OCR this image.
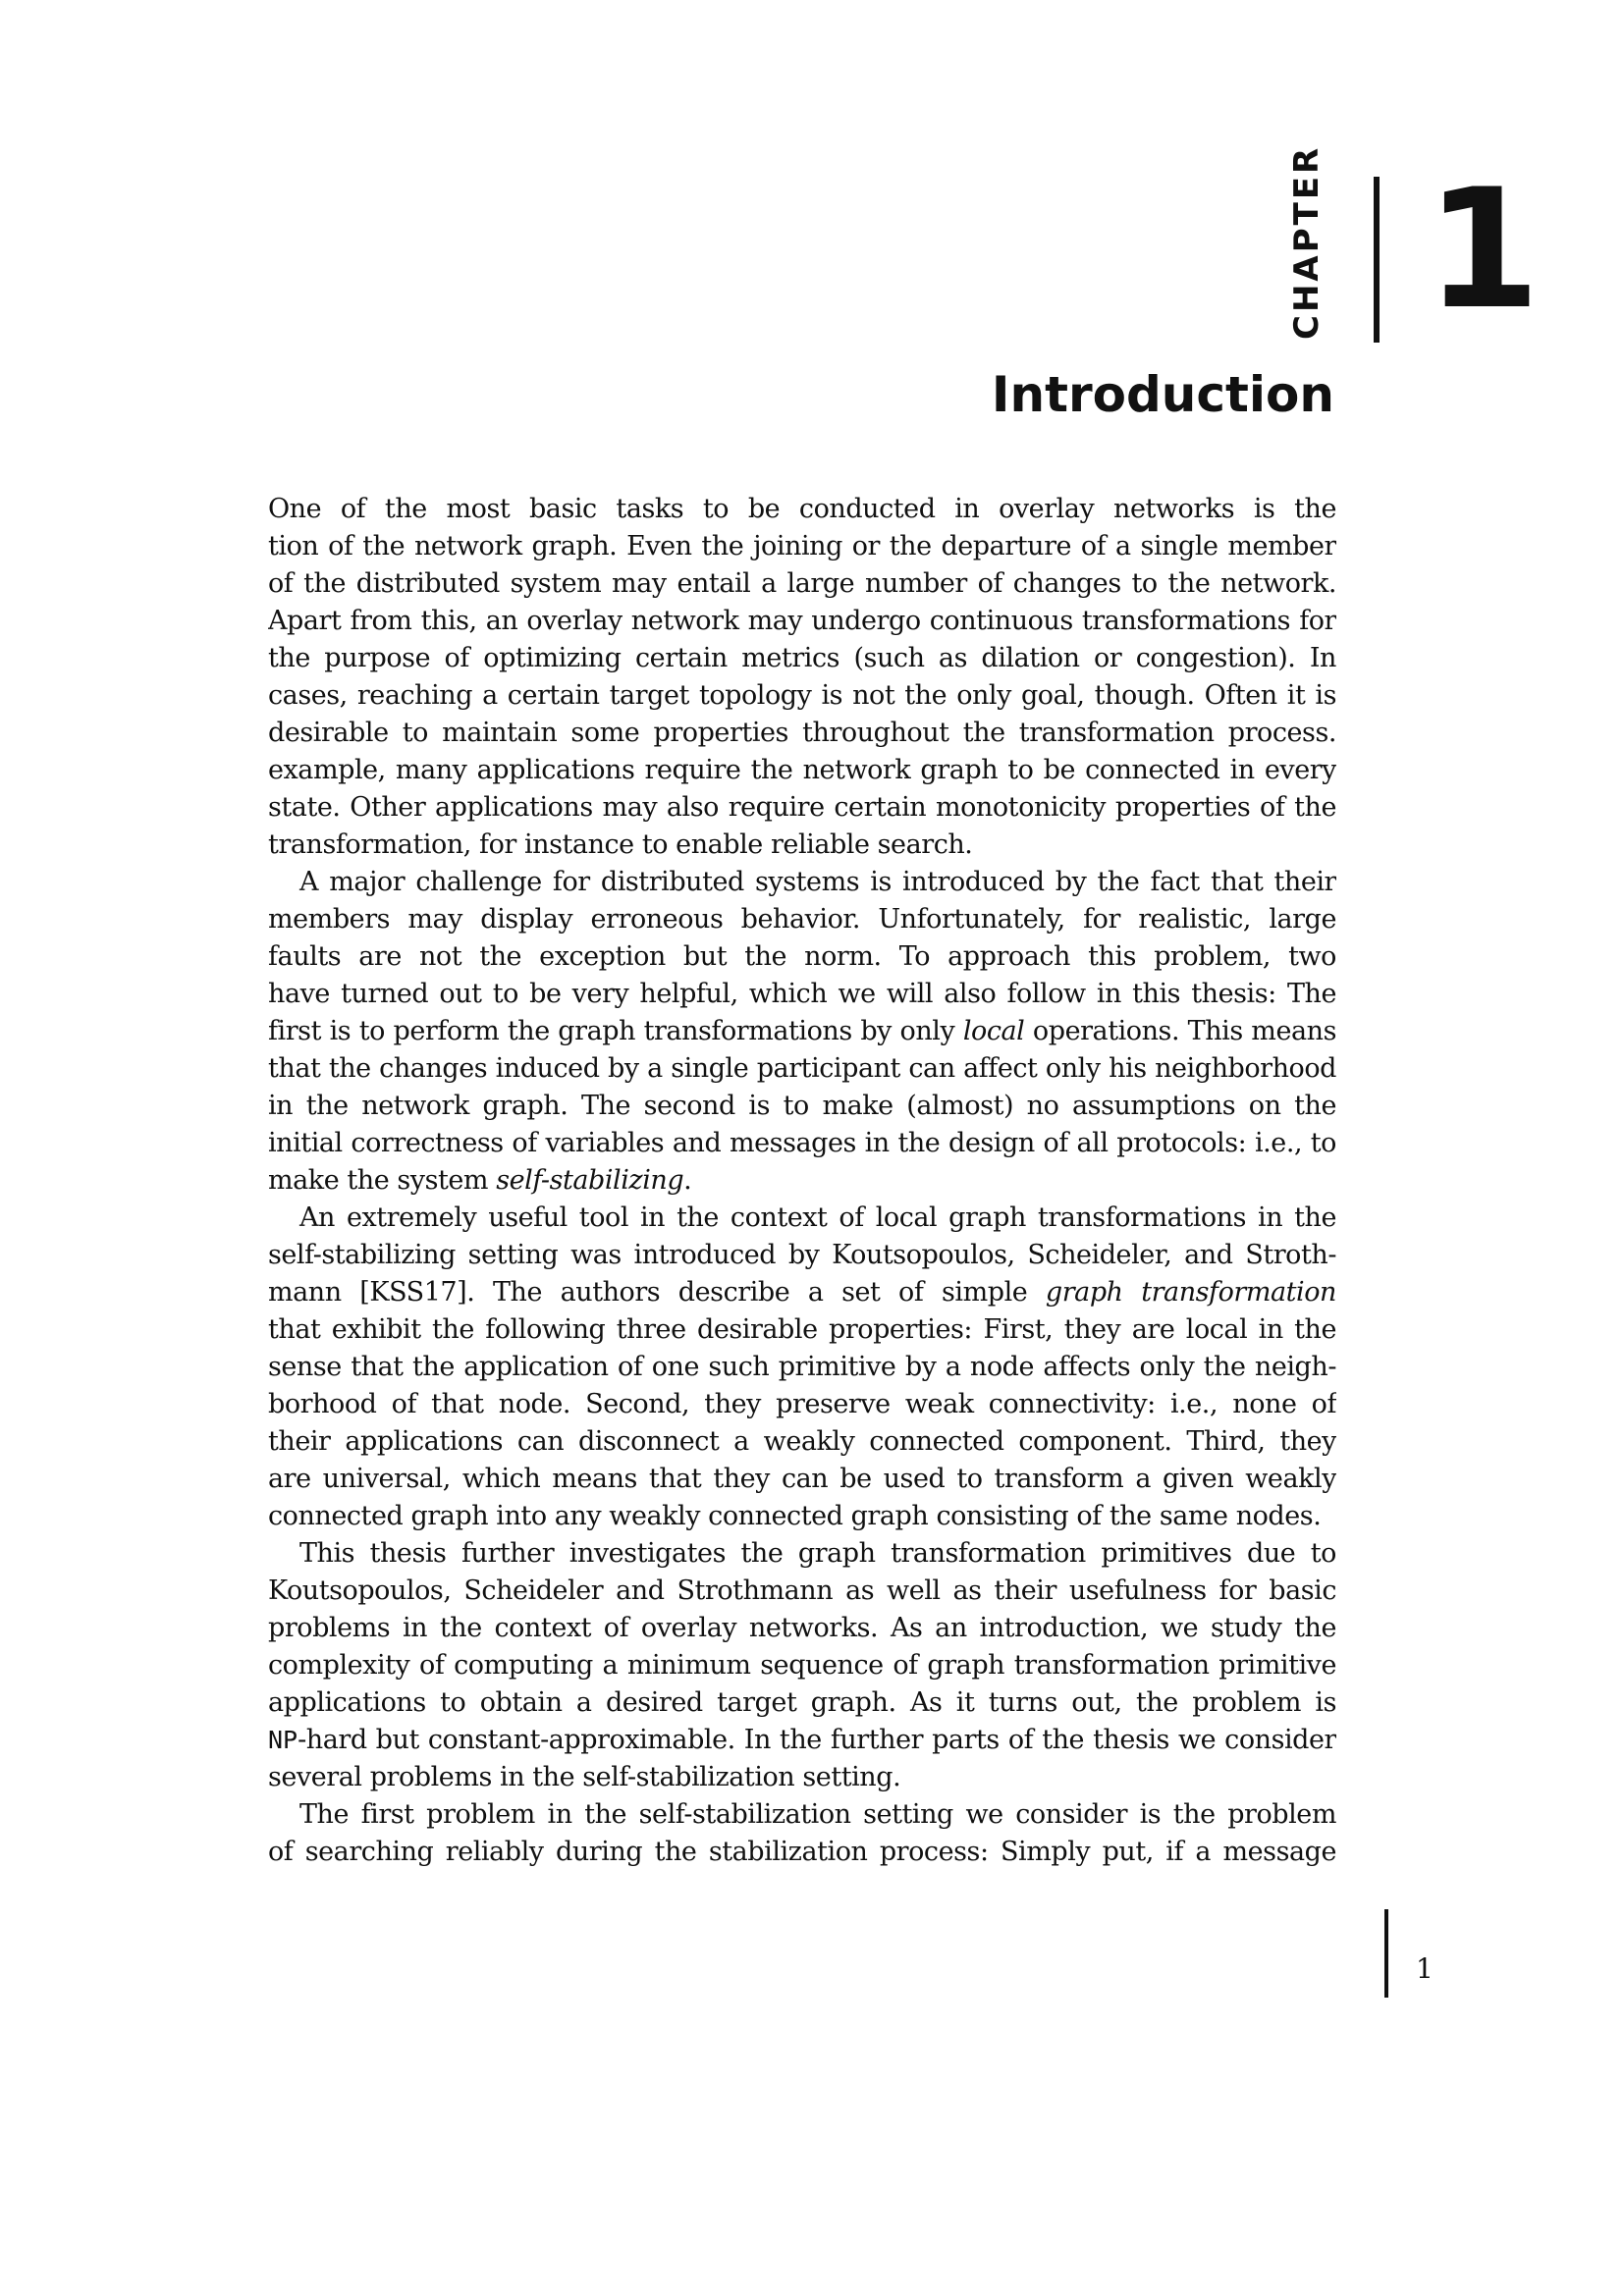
CHAPTER 1
Introduction
One of the most basic tasks to be conducted in overlay networks is the
tion of the network graph. Even the joining or the departure of a single member
of the distributed system may entail a large number of changes to the network.
Apart from this, an overlay network may undergo continuous transformations for
the purpose of optimizing certain metrics (such as dilation or congestion). In
cases, reaching a certain target topology is not the only goal, though. Often it is
desirable to maintain some properties throughout the transformation process.
example, many applications require the network graph to be connected in every
state. Other applications may also require certain monotonicity properties of the
transformation, for instance to enable reliable search.
A major challenge for distributed systems is introduced by the fact that their
members may display erroneous behavior. Unfortunately, for realistic, large
faults are not the exception but the norm. To approach this problem, two
have turned out to be very helpful, which we will also follow in this thesis: The
first is to perform the graph transformations by only local operations. This means
that the changes induced by a single participant can affect only his neighborhood
in the network graph. The second is to make (almost) no assumptions on the
initial correctness of variables and messages in the design of all protocols: i.e., to
make the system self-stabilizing.
An extremely useful tool in the context of local graph transformations in the
self-stabilizing setting was introduced by Koutsopoulos, Scheideler, and Stroth-
mann [KSS17]. The authors describe a set of simple graph transformation
that exhibit the following three desirable properties: First, they are local in the
sense that the application of one such primitive by a node affects only the neigh-
borhood of that node. Second, they preserve weak connectivity: i.e., none of
their applications can disconnect a weakly connected component. Third, they
are universal, which means that they can be used to transform a given weakly
connected graph into any weakly connected graph consisting of the same nodes.
This thesis further investigates the graph transformation primitives due to
Koutsopoulos, Scheideler and Strothmann as well as their usefulness for basic
problems in the context of overlay networks. As an introduction, we study the
complexity of computing a minimum sequence of graph transformation primitive
applications to obtain a desired target graph. As it turns out, the problem is
NP-hard but constant-approximable. In the further parts of the thesis we consider
several problems in the self-stabilization setting.
The first problem in the self-stabilization setting we consider is the problem
of searching reliably during the stabilization process: Simply put, if a message
1
